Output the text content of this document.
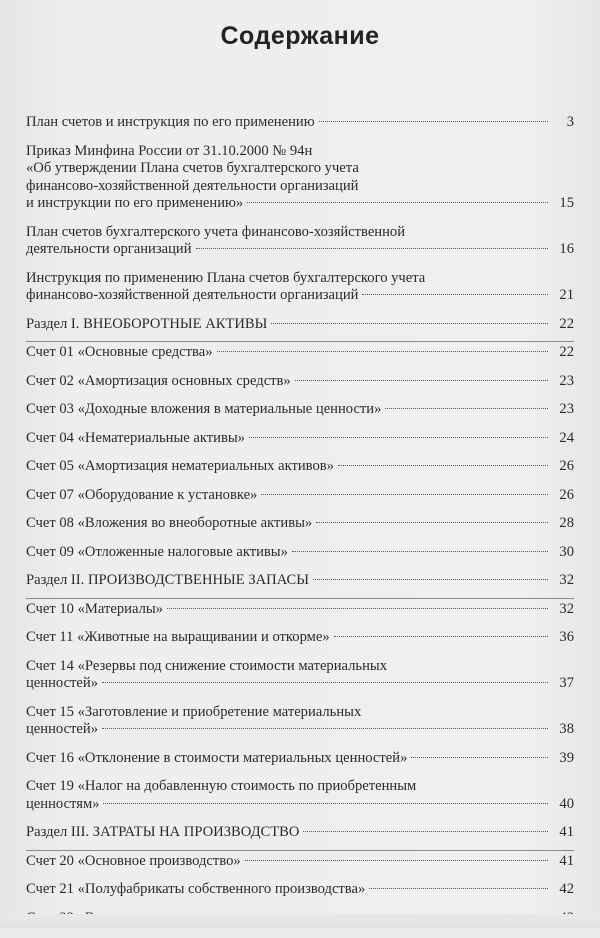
Содержание
План счетов и инструкция по его применению	3
Приказ Минфина России от 31.10.2000 № 94н
«Об утверждении Плана счетов бухгалтерского учета
финансово-хозяйственной деятельности организаций
и инструкции по его применению»	15
План счетов бухгалтерского учета финансово-хозяйственной
деятельности организаций	16
Инструкция по применению Плана счетов бухгалтерского учета
финансово-хозяйственной деятельности организаций	21
Раздел I. ВНЕОБОРОТНЫЕ АКТИВЫ	22
Счет 01 «Основные средства»	22
Счет 02 «Амортизация основных средств»	23
Счет 03 «Доходные вложения в материальные ценности»	23
Счет 04 «Нематериальные активы»	24
Счет 05 «Амортизация нематериальных активов»	26
Счет 07 «Оборудование к установке»	26
Счет 08 «Вложения во внеоборотные активы»	28
Счет 09 «Отложенные налоговые активы»	30
Раздел II. ПРОИЗВОДСТВЕННЫЕ ЗАПАСЫ	32
Счет 10 «Материалы»	32
Счет 11 «Животные на выращивании и откорме»	36
Счет 14 «Резервы под снижение стоимости материальных
ценностей»	37
Счет 15 «Заготовление и приобретение материальных
ценностей»	38
Счет 16 «Отклонение в стоимости материальных ценностей»	39
Счет 19 «Налог на добавленную стоимость по приобретенным
ценностям»	40
Раздел III. ЗАТРАТЫ НА ПРОИЗВОДСТВО	41
Счет 20 «Основное производство»	41
Счет 21 «Полуфабрикаты собственного производства»	42
